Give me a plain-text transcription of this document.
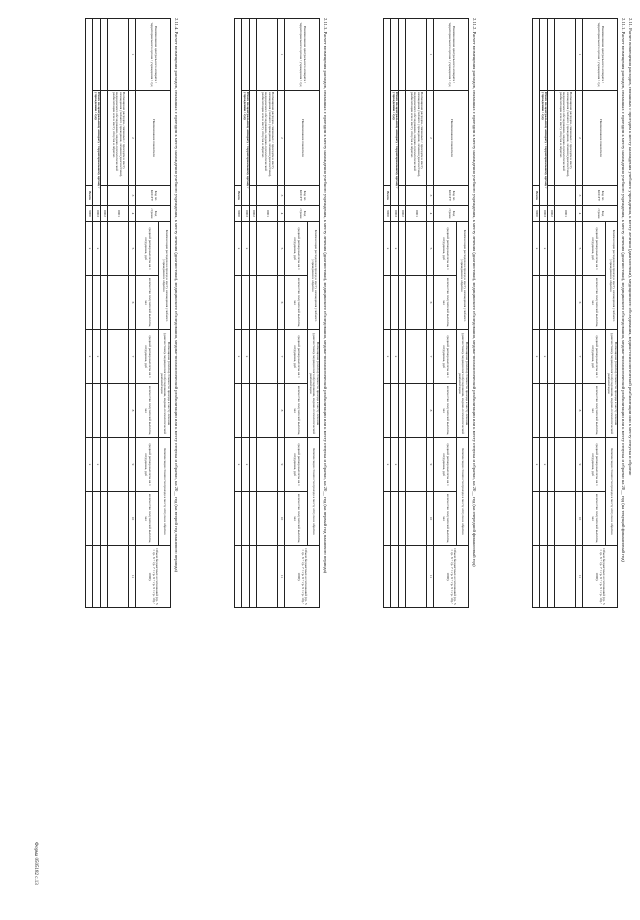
Форма 0505182 с.13
2.11. Расчет возмещения расходов, связанных с проездом к месту нахождения учебного учреждения, к месту лечения (диагностики), медицинского обследования, медико-психологической реабилитации или к месту отпуска и обратно
2.11.1. Расчет возмещения расходов, связанных с проездом к месту нахождения учебного учреждения, к месту лечения (диагностики), медицинского обследования, медико-психологической реабилитации или к месту отпуска и обратно на 20__ год (на текущий финансовый год)
Наименование центрального аппарата / территориального органа / учреждения / суд	Наименование показателя	Код по КОСГУ	Код строки	Компенсация расходов на проезд к месту нахождения учебного учреждения и обратно		Возмещение (оплата) стоимости проезда к месту лечения (диагностики), медицинского обследования, медико-психологической реабилитации		Компенсация стоимости проезда к месту отпуска и обратно		Объем бюджетных ассигнований (гр. 5 × гр. 6 + гр. 7 × гр. 8 + гр. 9 × гр. 10) / 1000)
				средний размер выплаты на 1 сотрудника, руб	количество получателей выплаты, чел	средний размер выплаты на 1 сотрудника, руб	количество получателей выплаты, чел	средний размер выплаты на 1 сотрудника, руб	количество получателей выплаты, чел	
1	2	3	4	5	6	7	8	9	10	11
	Возмещение расходов, связанных с проездом к месту нахождения учебного учреждения, лечения (диагностики), медицинского обследования, медико-психологической реабилитации или к месту отпуска и обратно		0001							
			0002							
	Итого по центральному аппарату / территориальному органу / учреждению / суду		0003	x		x		x		
		Всего	9000	x		x		x		
2.11.2. Расчет возмещения расходов, связанных с проездом к месту нахождения учебного учреждения, к месту лечения (диагностики), медицинского обследования, медико-психологической реабилитации или к месту отпуска и обратно, на 20__ год (на очередной финансовый год)
Наименование центрального аппарата / территориального органа / учреждения / суд	Наименование показателя	Код по КОСГУ	Код строки	Компенсация расходов на проезд к месту нахождения учебного учреждения и обратно		Возмещение (оплата) стоимости проезда к месту лечения (диагностики), медицинского обследования, медико-психологической реабилитации		Компенсация стоимости проезда к месту отпуска и обратно		Объем бюджетных ассигнований (гр. 5 × гр. 6 + гр. 7 × гр. 8 + гр. 9 × гр. 10) / 1000)
				средний размер выплаты на 1 сотрудника, руб	количество получателей выплаты, чел	средний размер выплаты на 1 сотрудника, руб	количество получателей выплаты, чел	средний размер выплаты на 1 сотрудника, руб	количество получателей выплаты, чел	
1	2	3	4	5	6	7	8	9	10	11
	Возмещение расходов, связанных с проездом к месту нахождения учебного учреждения, лечения (диагностики), медицинского обследования, медико-психологической реабилитации или к месту отпуска и обратно		0001							
			0002							
	Итого по центральному аппарату / территориальному органу / учреждению / суду		0003	x		x		x		
		Всего	9000	x		x		x		
2.11.3. Расчет возмещения расходов, связанных с проездом к месту нахождения учебного учреждения, к месту лечения (диагностики), медицинского обследования, медико-психологической реабилитации или к месту отпуска и обратно, на 20__ год (на первый год планового периода)
Наименование центрального аппарата / территориального органа / учреждения / суд	Наименование показателя	Код по КОСГУ	Код строки	Компенсация расходов на проезд к месту нахождения учебного учреждения и обратно		Возмещение (оплата) стоимости проезда к месту лечения (диагностики), медицинского обследования, медико-психологической реабилитации		Компенсация стоимости проезда к месту отпуска и обратно		Объем бюджетных ассигнований (гр. 5 × гр. 6 + гр. 7 × гр. 8 + гр. 9 × гр. 10) / 1000)
				средний размер выплаты на 1 сотрудника, руб	количество получателей выплаты, чел	средний размер выплаты на 1 сотрудника, руб	количество получателей выплаты, чел	средний размер выплаты на 1 сотрудника, руб	количество получателей выплаты, чел	
1	2	3	4	5	6	7	8	9	10	11
	Возмещение расходов, связанных с проездом к месту нахождения учебного учреждения, лечения (диагностики), медицинского обследования, медико-психологической реабилитации или к месту отпуска и обратно		0001							
			0002							
	Итого по центральному аппарату / территориальному органу / учреждению / суду		0003	x		x		x		
		Всего	9000	x		x		x		
2.11.4. Расчет возмещения расходов, связанных с проездом к месту нахождения учебного учреждения, к месту лечения (диагностики), медицинского обследования, медико-психологической реабилитации или к месту отпуска и обратно, на 20__ год (на второй год планового периода)
Наименование центрального аппарата / территориального органа / учреждения / суд	Наименование показателя	Код по КОСГУ	Код строки	Компенсация расходов на проезд к месту нахождения учебного учреждения и обратно		Возмещение (оплата) стоимости проезда к месту лечения (диагностики), медицинского обследования, медико-психологической реабилитации		Компенсация стоимости проезда к месту отпуска и обратно		Объем бюджетных ассигнований (гр. 5 × гр. 6 + гр. 7 × гр. 8 + гр. 9 × гр. 10) / 1000)
				средний размер выплаты на 1 сотрудника, руб	количество получателей выплаты, чел	средний размер выплаты на 1 сотрудника, руб	количество получателей выплаты, чел	средний размер выплаты на 1 сотрудника, руб	количество получателей выплаты, чел	
1	2	3	4	5	6	7	8	9	10	11
	Возмещение расходов, связанных с проездом к месту нахождения учебного учреждения, лечения (диагностики), медицинского обследования, медико-психологической реабилитации или к месту отпуска и обратно		0001							
			0002							
	Итого по центральному аппарату / территориальному органу / учреждению / суду		0003	x		x		x		
		Всего	9000	x		x		x		
